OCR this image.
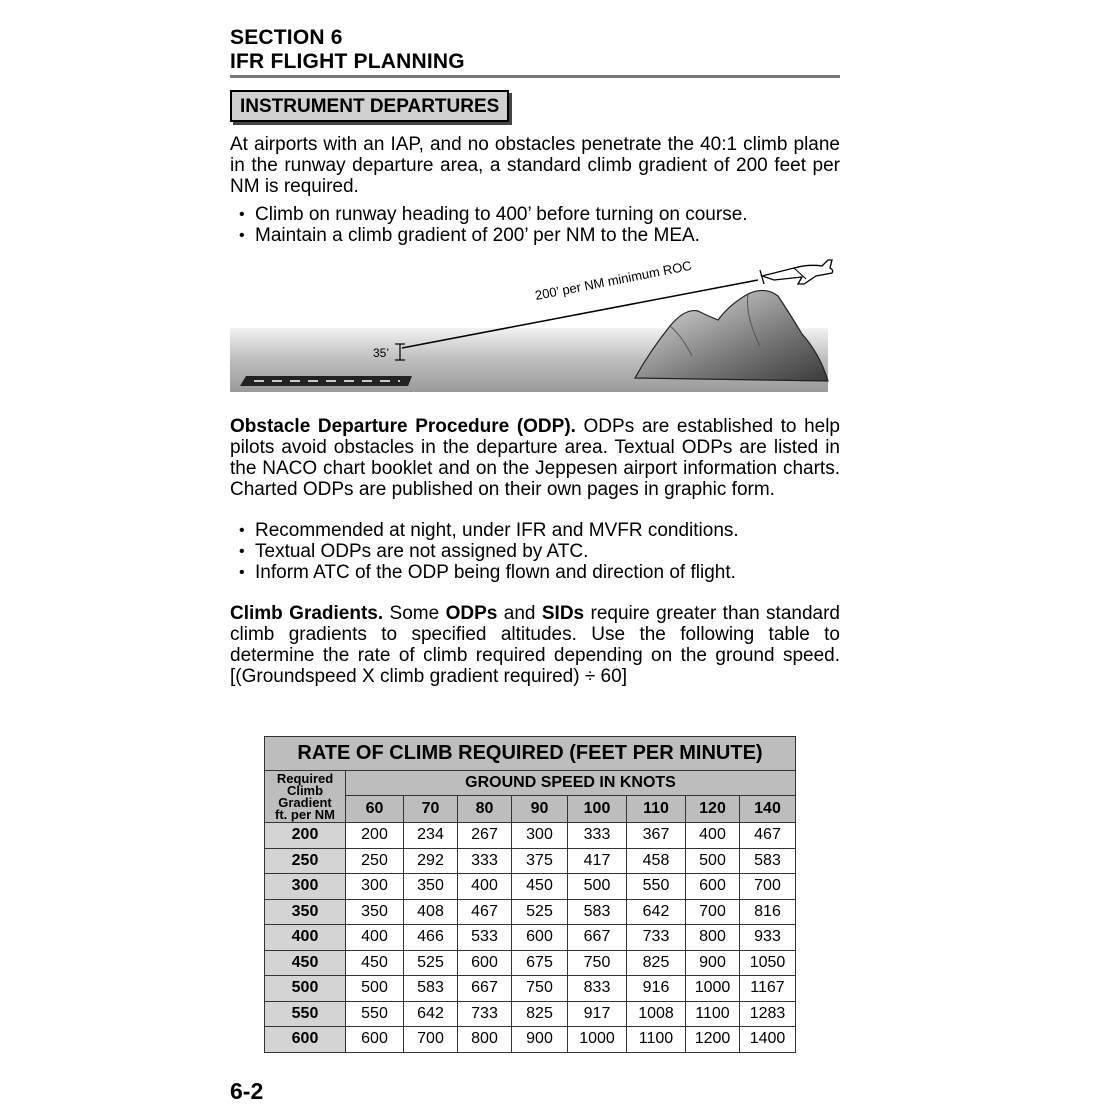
SECTION 6
IFR FLIGHT PLANNING
INSTRUMENT DEPARTURES

At airports with an IAP, and no obstacles penetrate the 40:1 climb plane in the runway departure area, a standard climb gradient of 200 feet per NM is required.

• Climb on runway heading to 400’ before turning on course.
• Maintain a climb gradient of 200’ per NM to the MEA.
35’
200’ per NM minimum ROC

Obstacle Departure Procedure (ODP). ODPs are established to help pilots avoid obstacles in the departure area. Textual ODPs are listed in the NACO chart booklet and on the Jeppesen airport information charts. Charted ODPs are published on their own pages in graphic form.

• Recommended at night, under IFR and MVFR conditions.
• Textual ODPs are not assigned by ATC.
• Inform ATC of the ODP being flown and direction of flight.

Climb Gradients. Some ODPs and SIDs require greater than standard climb gradients to specified altitudes. Use the following table to determine the rate of climb required depending on the ground speed. [(Groundspeed X climb gradient required) ÷ 60]

RATE OF CLIMB REQUIRED (FEET PER MINUTE)								

Required
Climb
Gradient
ft. per NM	GROUND SPEED IN KNOTS							
	60	70	80	90	100	110	120	140
200	200	234	267	300	333	367	400	467
250	250	292	333	375	417	458	500	583
300	300	350	400	450	500	550	600	700
350	350	408	467	525	583	642	700	816
400	400	466	533	600	667	733	800	933
450	450	525	600	675	750	825	900	1050
500	500	583	667	750	833	916	1000	1167
550	550	642	733	825	917	1008	1100	1283
600	600	700	800	900	1000	1100	1200	1400
6-2
